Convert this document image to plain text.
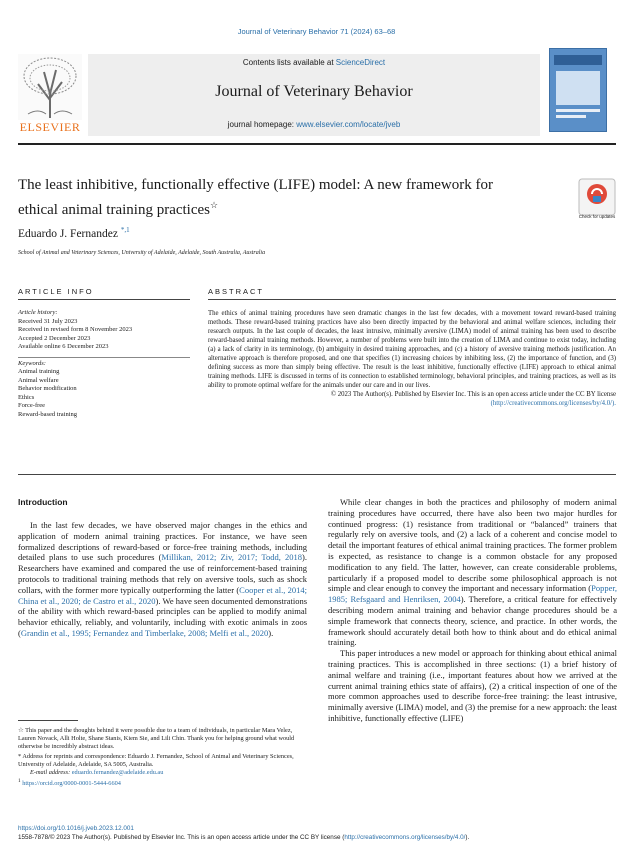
Journal of Veterinary Behavior 71 (2024) 63–68
ELSEVIER
Contents lists available at ScienceDirect
Journal of Veterinary Behavior
journal homepage: www.elsevier.com/locate/jveb
The least inhibitive, functionally effective (LIFE) model: A new framework for ethical animal training practices☆
Check for updates
Eduardo J. Fernandez $^{*,1}$
School of Animal and Veterinary Sciences, University of Adelaide, Adelaide, South Australia, Australia
ARTICLE INFO
Article history:
Received 31 July 2023
Received in revised form 8 November 2023
Accepted 2 December 2023
Available online 6 December 2023
Keywords:
Animal training
Animal welfare
Behavior modification
Ethics
Force-free
Reward-based training
ABSTRACT

The ethics of animal training procedures have seen dramatic changes in the last few decades, with a movement toward reward-based training methods. These reward-based training practices have also been directly impacted by the behavioral and animal welfare sciences, including their research outputs. In the last couple of decades, the least intrusive, minimally aversive (LIMA) model of animal training has been used to describe reward-based animal training methods. However, a number of problems were built into the creation of LIMA and continue to exist today, including (a) a lack of clarity in its terminology, (b) ambiguity in desired training approaches, and (c) a history of aversive training methods justification. An alternative approach is therefore proposed, and one that specifies (1) increasing choices by inhibiting less, (2) the importance of function, and (3) defining success as more than simply being effective. The result is the least inhibitive, functionally effective (LIFE) approach to ethical animal training methods. LIFE is discussed in terms of its connection to established terminology, behavioral principles, and training practices, as well as its ability to promote optimal welfare for the animals under our care and in our lives.

© 2023 The Author(s). Published by Elsevier Inc. This is an open access article under the CC BY license (http://creativecommons.org/licenses/by/4.0/).
Introduction

In the last few decades, we have observed major changes in the ethics and application of modern animal training practices. For instance, we have seen formalized descriptions of reward-based or force-free training methods, including detailed plans to use such procedures (Millikan, 2012; Ziv, 2017; Todd, 2018). Researchers have examined and compared the use of reinforcement-based training protocols to traditional training methods that rely on aversive tools, such as shock collars, with the former more typically outperforming the latter (Cooper et al., 2014; China et al., 2020; de Castro et al., 2020). We have seen documented demonstrations of the ability with which reward-based principles can be applied to modify animal behavior ethically, reliably, and voluntarily, including with exotic animals in zoos (Grandin et al., 1995; Fernandez and Timberlake, 2008; Melfi et al., 2020).

While clear changes in both the practices and philosophy of modern animal training procedures have occurred, there have also been two major hurdles for continued progress: (1) resistance from traditional or “balanced” trainers that regularly rely on aversive tools, and (2) a lack of a coherent and concise model to detail the important features of ethical animal training practices. The former problem is expected, as resistance to change is a common obstacle for any proposed modification to any field. The latter, however, can create considerable problems, particularly if a proposed model to describe some philosophical approach is not simple and clear enough to convey the important and necessary information (Popper, 1985; Refsgaard and Henriksen, 2004). Therefore, a critical feature for effectively describing modern animal training and behavior change procedures should be a simple framework that connects theory, science, and practice. In other words, the framework should accurately detail both how to think about and do ethical animal training.

This paper introduces a new model or approach for thinking about ethical animal training practices. This is accomplished in three sections: (1) a brief history of animal welfare and training (i.e., important features about how we arrived at the current animal training ethics state of affairs), (2) a critical inspection of one of the more common approaches used to describe force-free training: the least intrusive, minimally aversive (LIMA) model, and (3) the premise for a new approach: the least inhibitive, functionally effective (LIFE)

☆ This paper and the thoughts behind it were possible due to a team of individuals, in particular Mara Velez, Lauren Novack, Alli Holte, Shane Stanis, Kiem Sie, and Lili Chin. Thank you for helping ground what would otherwise be incredibly abstract ideas.

* Address for reprints and correspondence: Eduardo J. Fernandez, School of Animal and Veterinary Sciences, University of Adelaide, Adelaide, SA 5005, Australia.

E-mail address: eduardo.fernandez@adelaide.edu.au

$^1$ https://orcid.org/0000-0001-5444-6604

https://doi.org/10.1016/j.jveb.2023.12.001
1558-7878/© 2023 The Author(s). Published by Elsevier Inc. This is an open access article under the CC BY license (http://creativecommons.org/licenses/by/4.0/).
